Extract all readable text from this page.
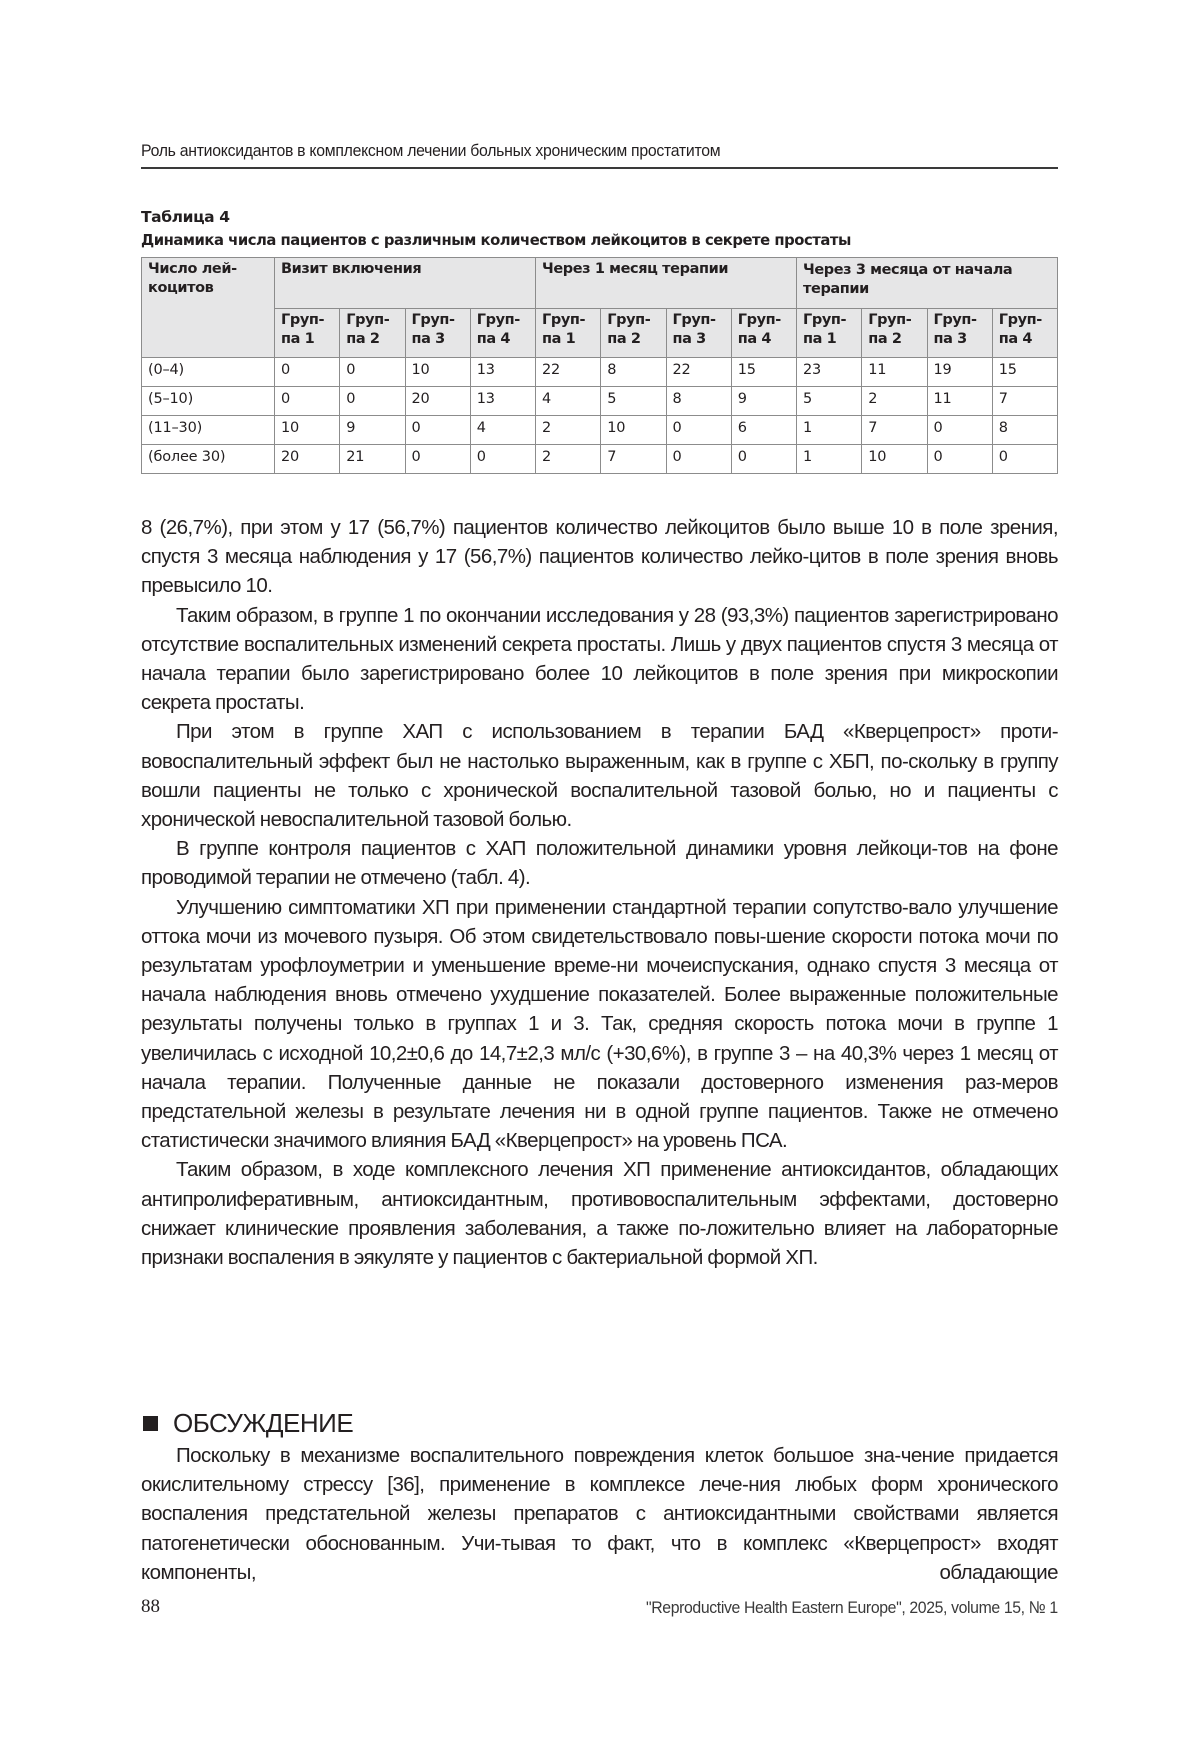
Роль антиоксидантов в комплексном лечении больных хроническим простатитом
Таблица 4
Динамика числа пациентов с различным количеством лейкоцитов в секрете простаты
Число лей-коцитов	Визит включения				Через 1 месяц терапии				Через 3 месяца от начала терапии			
	Груп-па 1	Груп-па 2	Груп-па 3	Груп-па 4	Груп-па 1	Груп-па 2	Груп-па 3	Груп-па 4	Груп-па 1	Груп-па 2	Груп-па 3	Груп-па 4
(0–4)	0	0	10	13	22	8	22	15	23	11	19	15
(5–10)	0	0	20	13	4	5	8	9	5	2	11	7
(11–30)	10	9	0	4	2	10	0	6	1	7	0	8
(более 30)	20	21	0	0	2	7	0	0	1	10	0	0

8 (26,7%), при этом у 17 (56,7%) пациентов количество лейкоцитов было выше 10 в поле зрения, спустя 3 месяца наблюдения у 17 (56,7%) пациентов количество лейко-цитов в поле зрения вновь превысило 10.

Таким образом, в группе 1 по окончании исследования у 28 (93,3%) пациентов зарегистрировано отсутствие воспалительных изменений секрета простаты. Лишь у двух пациентов спустя 3 месяца от начала терапии было зарегистрировано более 10 лейкоцитов в поле зрения при микроскопии секрета простаты.

При этом в группе ХАП с использованием в терапии БАД «Кверцепрост» проти-вовоспалительный эффект был не настолько выраженным, как в группе с ХБП, по-скольку в группу вошли пациенты не только с хронической воспалительной тазовой болью, но и пациенты с хронической невоспалительной тазовой болью.

В группе контроля пациентов с ХАП положительной динамики уровня лейкоци-тов на фоне проводимой терапии не отмечено (табл. 4).

Улучшению симптоматики ХП при применении стандартной терапии сопутство-вало улучшение оттока мочи из мочевого пузыря. Об этом свидетельствовало повы-шение скорости потока мочи по результатам урофлоуметрии и уменьшение време-ни мочеиспускания, однако спустя 3 месяца от начала наблюдения вновь отмечено ухудшение показателей. Более выраженные положительные результаты получены только в группах 1 и 3. Так, средняя скорость потока мочи в группе 1 увеличилась с исходной 10,2±0,6 до 14,7±2,3 мл/с (+30,6%), в группе 3 – на 40,3% через 1 месяц от начала терапии. Полученные данные не показали достоверного изменения раз-меров предстательной железы в результате лечения ни в одной группе пациентов. Также не отмечено статистически значимого влияния БАД «Кверцепрост» на уровень ПСА.

Таким образом, в ходе комплексного лечения ХП применение антиоксидантов, обладающих антипролиферативным, антиоксидантным, противовоспалительным эффектами, достоверно снижает клинические проявления заболевания, а также по-ложительно влияет на лабораторные признаки воспаления в эякуляте у пациентов с бактериальной формой ХП.

ОБСУЖДЕНИЕ

Поскольку в механизме воспалительного повреждения клеток большое зна-чение придается окислительному стрессу [36], применение в комплексе лече-ния любых форм хронического воспаления предстательной железы препаратов с антиоксидантными свойствами является патогенетически обоснованным. Учи-тывая то факт, что в комплекс «Кверцепрост» входят компоненты, обладающие

88	"Reproductive Health Eastern Europe", 2025, volume 15, № 1
